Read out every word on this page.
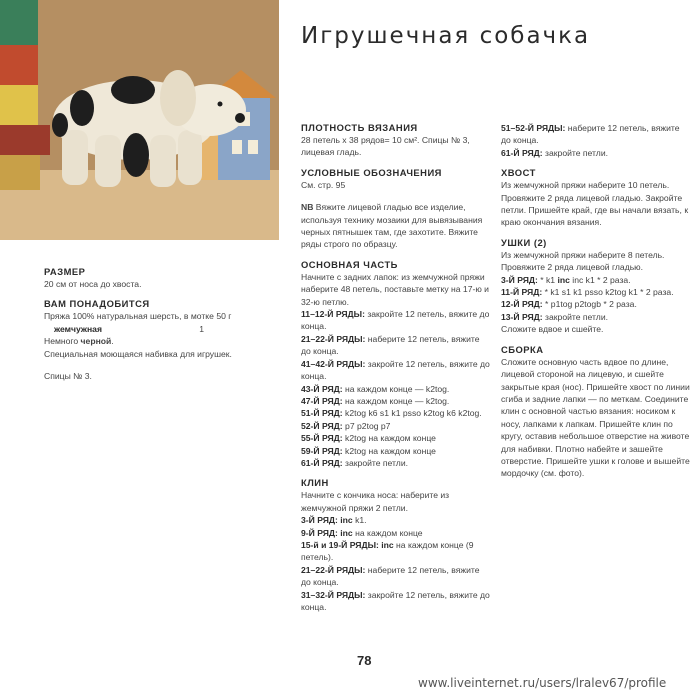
Игрушечная собачка
РАЗМЕР

20 см от носа до хвоста.

ВАМ ПОНАДОБИТСЯ

Пряжа 100% натуральная шерсть, в мотке 50 г

жемчужная	1

Немного черной.

Специальная моющаяся набивка для игрушек.

Спицы № 3.

ПЛОТНОСТЬ ВЯЗАНИЯ

28 петель х 38 рядов= 10 см². Спицы № 3, лицевая гладь.

УСЛОВНЫЕ ОБОЗНАЧЕНИЯ

См. стр. 95

NB Вяжите лицевой гладью все изделие, используя технику мозаики для вывязывания черных пятнышек там, где захотите. Вяжите ряды строго по образцу.

ОСНОВНАЯ ЧАСТЬ

Начните с задних лапок: из жемчужной пряжи наберите 48 петель, поставьте метку на 17-ю и 32-ю петлю.

11–12-Й РЯДЫ: закройте 12 петель, вяжите до конца.

21–22-Й РЯДЫ: наберите 12 петель, вяжите до конца.

41–42-Й РЯДЫ: закройте 12 петель, вяжите до конца.

43-Й РЯД: на каждом конце — k2tog.

47-Й РЯД: на каждом конце — k2tog.

51-Й РЯД: k2tog k6 s1 k1 psso k2tog k6 k2tog.

52-Й РЯД: p7 p2tog p7

55-Й РЯД: k2tog на каждом конце

59-Й РЯД: k2tog на каждом конце

61-Й РЯД: закройте петли.

КЛИН

Начните с кончика носа: наберите из жемчужной пряжи 2 петли.

3-Й РЯД: inc k1.

9-Й РЯД: inc на каждом конце

15-й и 19-Й РЯДЫ: inc на каждом конце (9 петель).

21–22-Й РЯДЫ: наберите 12 петель, вяжите до конца.

31–32-Й РЯДЫ: закройте 12 петель, вяжите до конца.

51–52-Й РЯДЫ: наберите 12 петель, вяжите до конца.

61-Й РЯД: закройте петли.

ХВОСТ

Из жемчужной пряжи наберите 10 петель. Провяжите 2 ряда лицевой гладью. Закройте петли. Пришейте край, где вы начали вязать, к краю окончания вязания.

УШКИ (2)

Из жемчужной пряжи наберите 8 петель. Провяжите 2 ряда лицевой гладью.

3-Й РЯД: * k1 inc inc k1 * 2 раза.

11-Й РЯД: * k1 s1 k1 psso k2tog k1 * 2 раза.

12-Й РЯД: * p1tog p2togb * 2 раза.

13-Й РЯД: закройте петли.

Сложите вдвое и сшейте.

СБОРКА

Сложите основную часть вдвое по длине, лицевой стороной на лицевую, и сшейте закрытые края (нос). Пришейте хвост по линии сгиба и задние лапки — по меткам. Соедините клин с основной частью вязания: носиком к носу, лапками к лапкам. Пришейте клин по кругу, оставив небольшое отверстие на животе для набивки. Плотно набейте и зашейте отверстие. Пришейте ушки к голове и вышейте мордочку (см. фото).

78
www.liveinternet.ru/users/lralev67/profile
